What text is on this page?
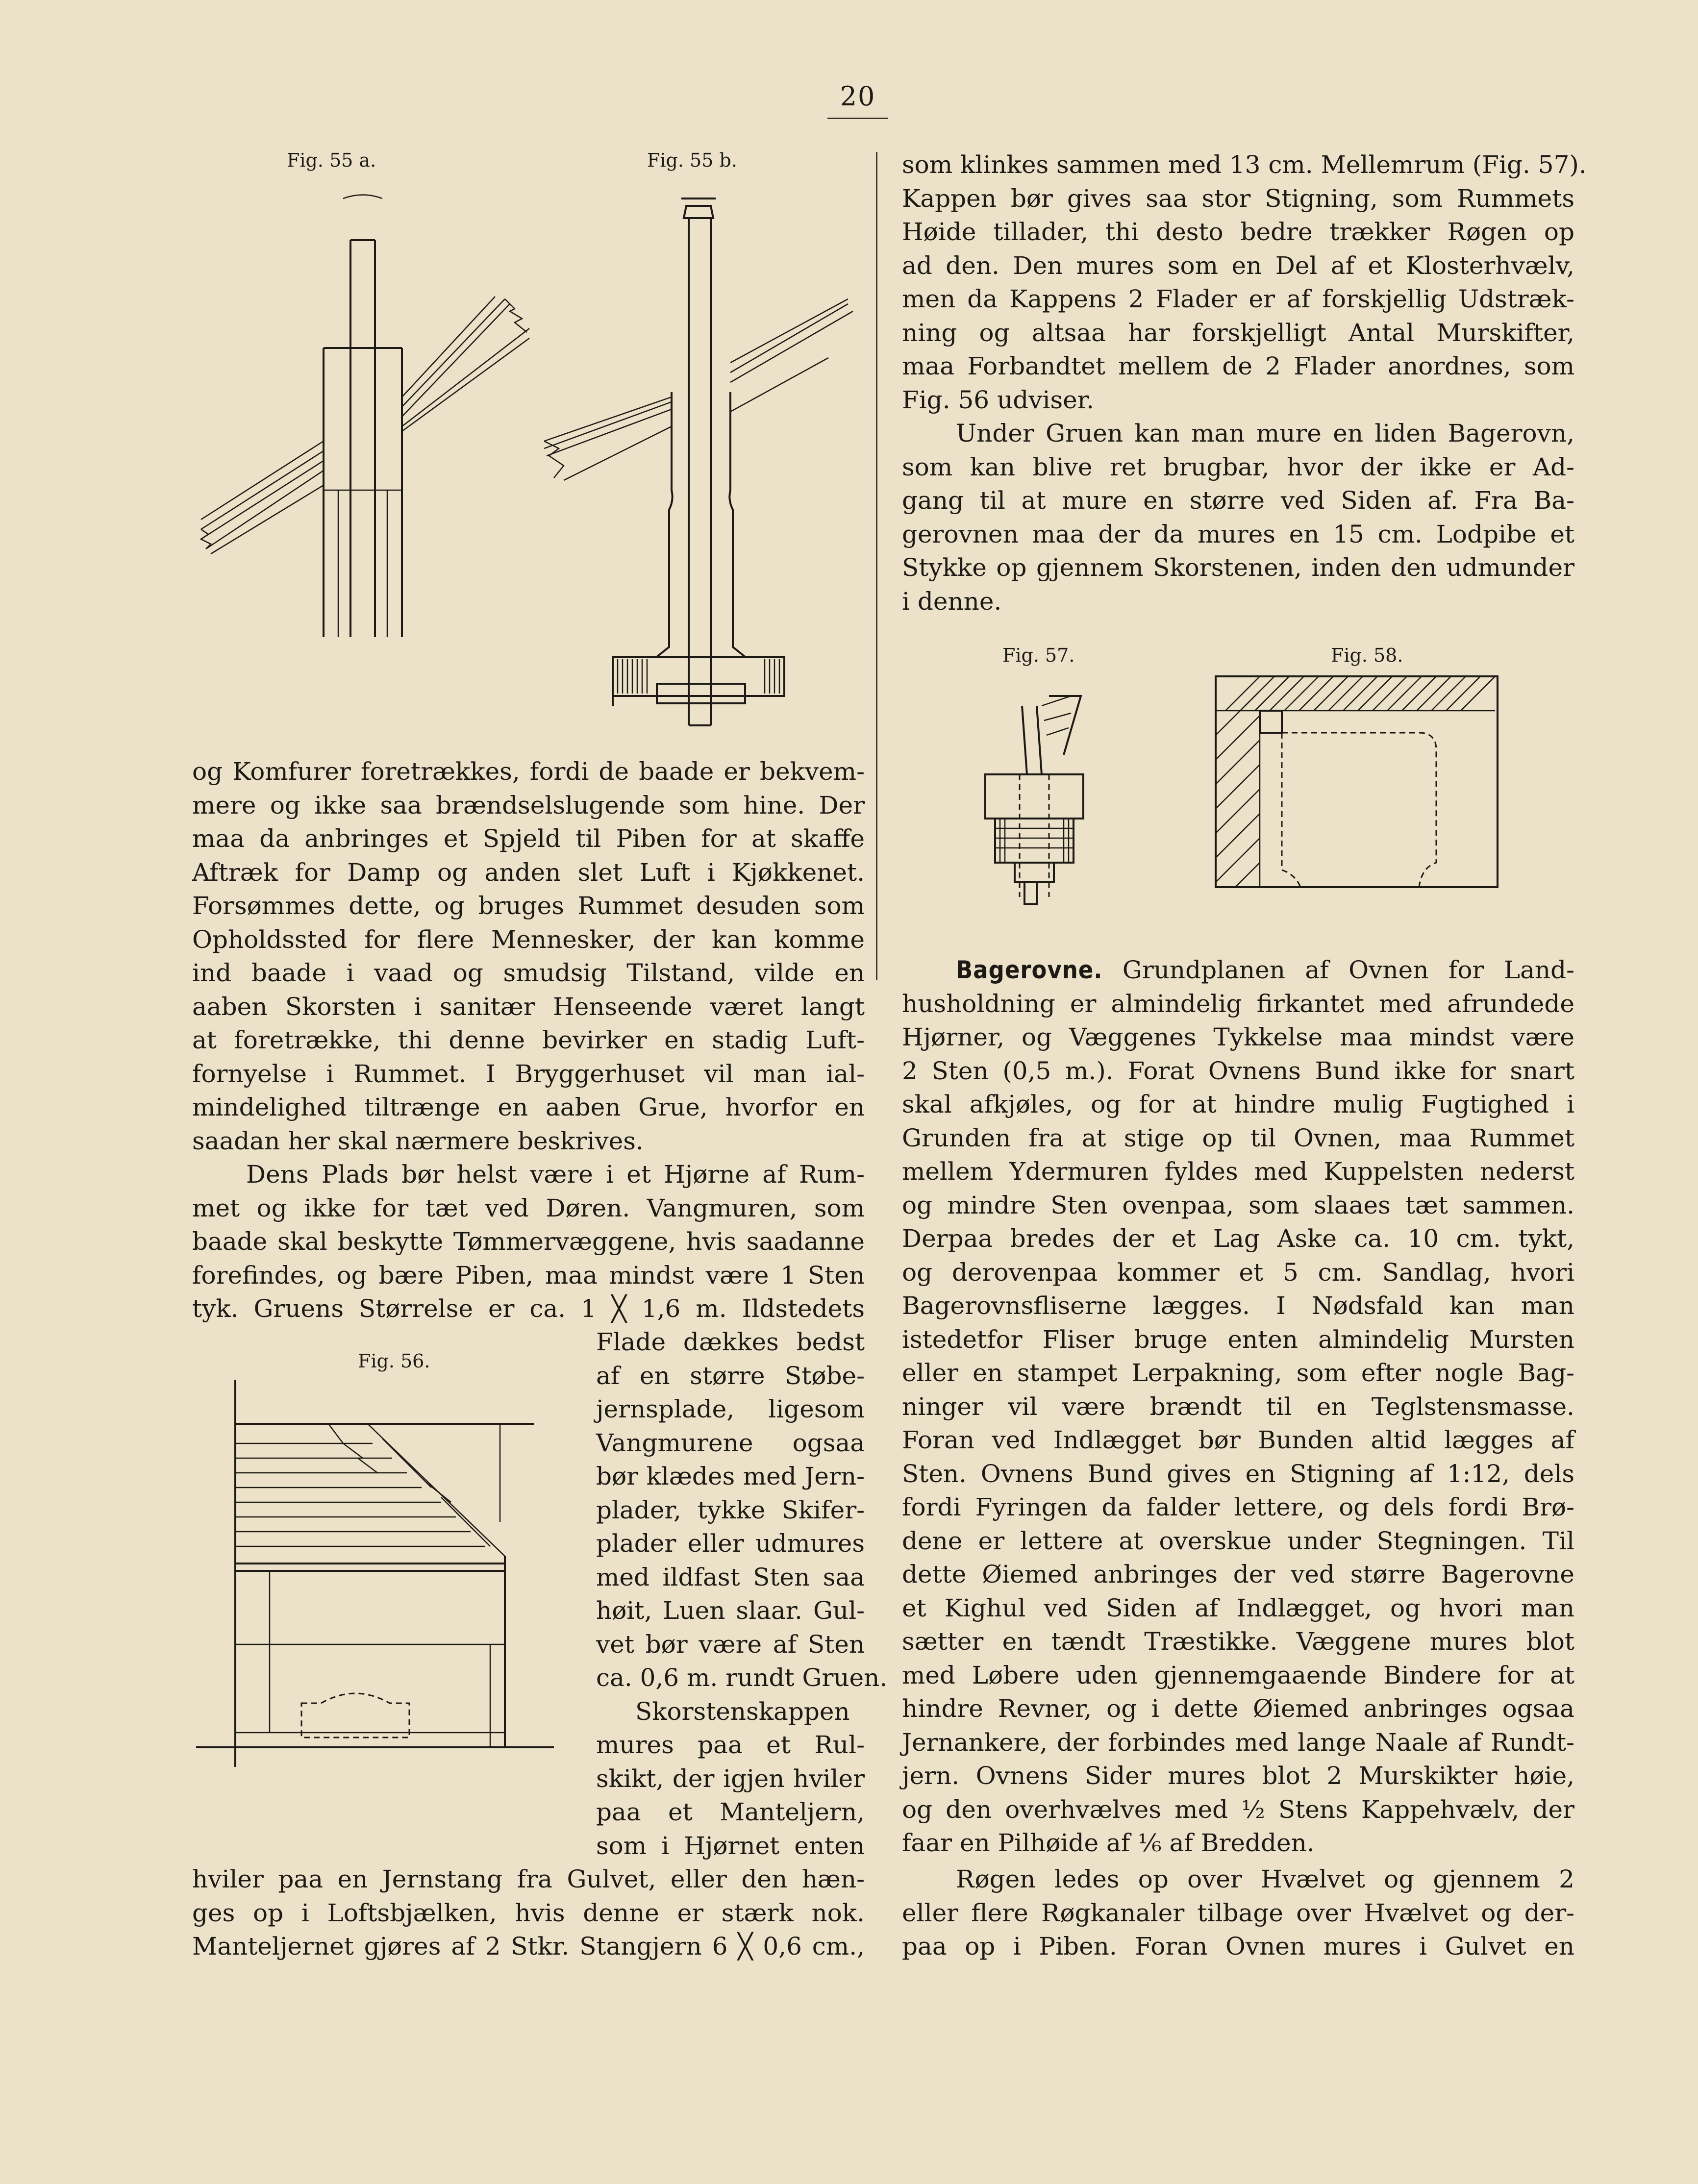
20
Fig. 55 a.	Fig. 55 b.
Fig. 56.
Fig. 57.	Fig. 58.
og Komfurer foretrækkes, fordi de baade er bekvem-
mere og ikke saa brændselslugende som hine. Der
maa da anbringes et Spjeld til Piben for at skaffe
Aftræk for Damp og anden slet Luft i Kjøkkenet.
Forsømmes dette, og bruges Rummet desuden som
Opholdssted for flere Mennesker, der kan komme
ind baade i vaad og smudsig Tilstand, vilde en
aaben Skorsten i sanitær Henseende været langt
at foretrække, thi denne bevirker en stadig Luft-
fornyelse i Rummet. I Bryggerhuset vil man ial-
mindelighed tiltrænge en aaben Grue, hvorfor en
saadan her skal nærmere beskrives.
Dens Plads bør helst være i et Hjørne af Rum-
met og ikke for tæt ved Døren. Vangmuren, som
baade skal beskytte Tømmervæggene, hvis saadanne
forefindes, og bære Piben, maa mindst være 1 Sten
tyk. Gruens Størrelse er ca. 1 ╳ 1,6 m. Ildstedets
Flade dækkes bedst
af en større Støbe-
jernsplade, ligesom
Vangmurene ogsaa
bør klædes med Jern-
plader, tykke Skifer-
plader eller udmures
med ildfast Sten saa
høit, Luen slaar. Gul-
vet bør være af Sten
ca. 0,6 m. rundt Gruen.
Skorstenskappen
mures paa et Rul-
skikt, der igjen hviler
paa et Manteljern,
som i Hjørnet enten
hviler paa en Jernstang fra Gulvet, eller den hæn-
ges op i Loftsbjælken, hvis denne er stærk nok.
Manteljernet gjøres af 2 Stkr. Stangjern 6 ╳ 0,6 cm.,
som klinkes sammen med 13 cm. Mellemrum (Fig. 57).
Kappen bør gives saa stor Stigning, som Rummets
Høide tillader, thi desto bedre trækker Røgen op
ad den. Den mures som en Del af et Klosterhvælv,
men da Kappens 2 Flader er af forskjellig Udstræk-
ning og altsaa har forskjelligt Antal Murskifter,
maa Forbandtet mellem de 2 Flader anordnes, som
Fig. 56 udviser.
Under Gruen kan man mure en liden Bagerovn,
som kan blive ret brugbar, hvor der ikke er Ad-
gang til at mure en større ved Siden af. Fra Ba-
gerovnen maa der da mures en 15 cm. Lodpibe et
Stykke op gjennem Skorstenen, inden den udmunder
i denne.
Bagerovne. Grundplanen af Ovnen for Land-
husholdning er almindelig firkantet med afrundede
Hjørner, og Væggenes Tykkelse maa mindst være
2 Sten (0,5 m.). Forat Ovnens Bund ikke for snart
skal afkjøles, og for at hindre mulig Fugtighed i
Grunden fra at stige op til Ovnen, maa Rummet
mellem Ydermuren fyldes med Kuppelsten nederst
og mindre Sten ovenpaa, som slaaes tæt sammen.
Derpaa bredes der et Lag Aske ca. 10 cm. tykt,
og derovenpaa kommer et 5 cm. Sandlag, hvori
Bagerovnsfliserne lægges. I Nødsfald kan man
istedetfor Fliser bruge enten almindelig Mursten
eller en stampet Lerpakning, som efter nogle Bag-
ninger vil være brændt til en Teglstensmasse.
Foran ved Indlægget bør Bunden altid lægges af
Sten. Ovnens Bund gives en Stigning af 1:12, dels
fordi Fyringen da falder lettere, og dels fordi Brø-
dene er lettere at overskue under Stegningen. Til
dette Øiemed anbringes der ved større Bagerovne
et Kighul ved Siden af Indlægget, og hvori man
sætter en tændt Træstikke. Væggene mures blot
med Løbere uden gjennemgaaende Bindere for at
hindre Revner, og i dette Øiemed anbringes ogsaa
Jernankere, der forbindes med lange Naale af Rundt-
jern. Ovnens Sider mures blot 2 Murskikter høie,
og den overhvælves med ½ Stens Kappehvælv, der
faar en Pilhøide af ⅙ af Bredden.
Røgen ledes op over Hvælvet og gjennem 2
eller flere Røgkanaler tilbage over Hvælvet og der-
paa op i Piben. Foran Ovnen mures i Gulvet en
